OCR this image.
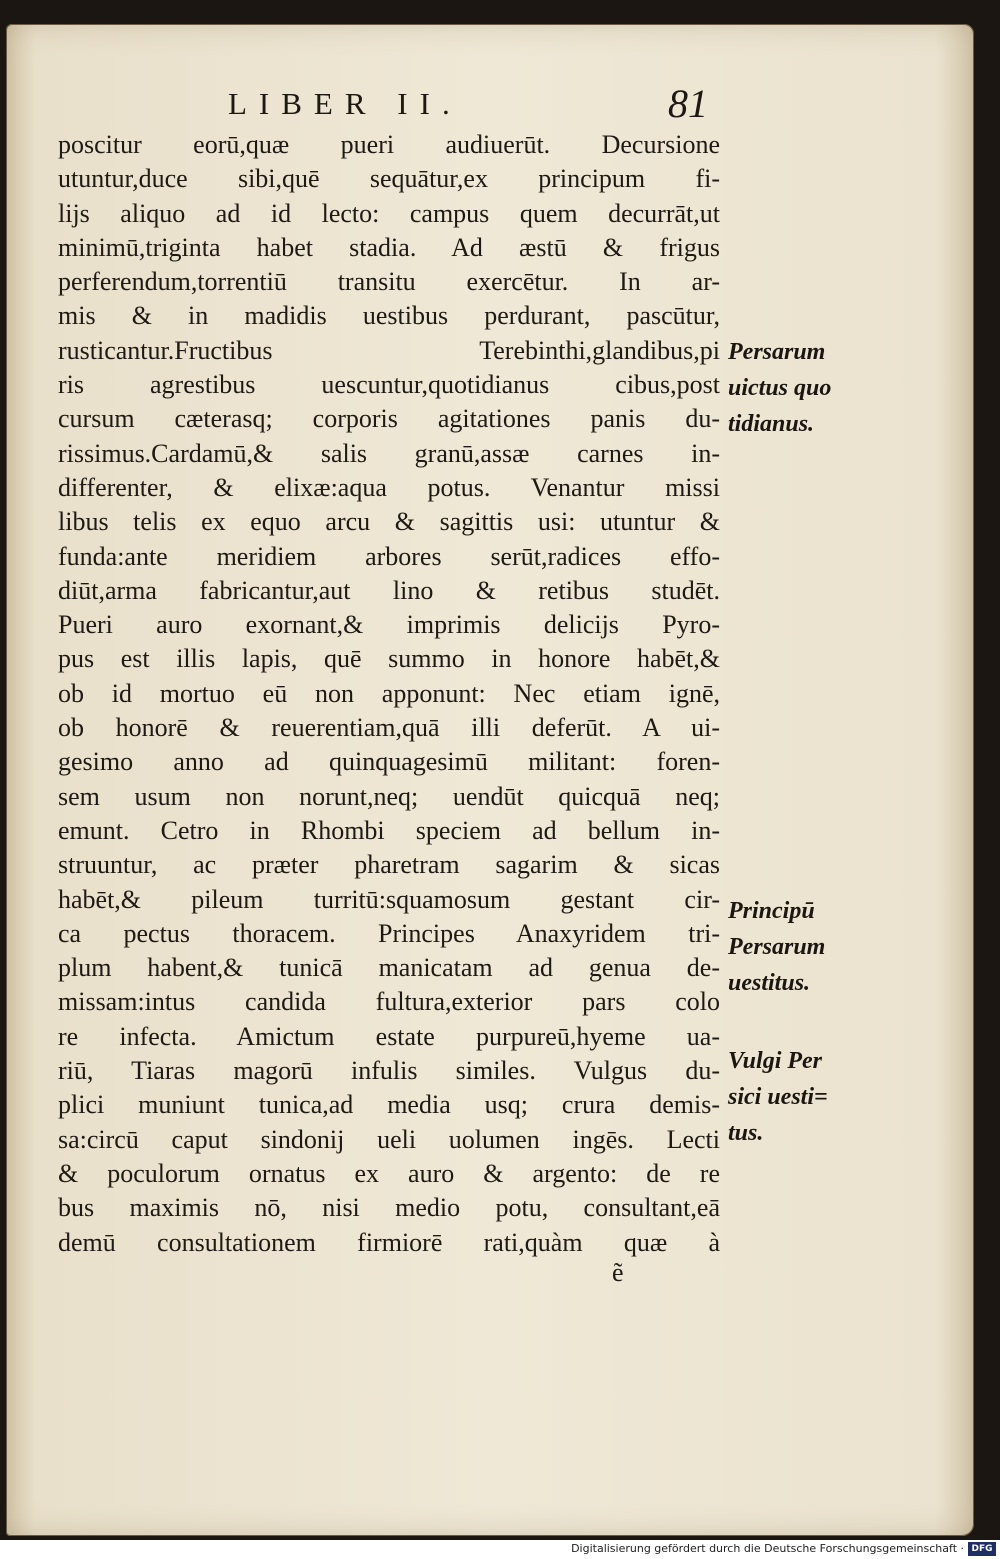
LIBER II.	81
poscitur eorū,quæ pueri audiuerūt. Decursione
utuntur,duce sibi,quē sequātur,ex principum fi-
lijs aliquo ad id lecto: campus quem decurrāt,ut
minimū,triginta habet stadia. Ad æstū & frigus
perferendum,torrentiū transitu exercētur. In ar-
mis & in madidis uestibus perdurant, pascūtur,
rusticantur.Fructibus Terebinthi,glandibus,pi
ris agrestibus uescuntur,quotidianus cibus,post
cursum cæterasq; corporis agitationes panis du-
rissimus.Cardamū,& salis granū,assæ carnes in-
differenter, & elixæ:aqua potus. Venantur missi
libus telis ex equo arcu & sagittis usi: utuntur &
funda:ante meridiem arbores serūt,radices effo-
diūt,arma fabricantur,aut lino & retibus studēt.
Pueri auro exornant,& imprimis delicijs Pyro-
pus est illis lapis, quē summo in honore habēt,&
ob id mortuo eū non apponunt: Nec etiam ignē,
ob honorē & reuerentiam,quā illi deferūt. A ui-
gesimo anno ad quinquagesimū militant: foren-
sem usum non norunt,neq; uendūt quicquā neq;
emunt. Cetro in Rhombi speciem ad bellum in-
struuntur, ac præter pharetram sagarim & sicas
habēt,& pileum turritū:squamosum gestant cir-
ca pectus thoracem. Principes Anaxyridem tri-
plum habent,& tunicā manicatam ad genua de-
missam:intus candida fultura,exterior pars colo
re infecta. Amictum estate purpureū,hyeme ua-
riū, Tiaras magorū infulis similes. Vulgus du-
plici muniunt tunica,ad media usq; crura demis-
sa:circū caput sindonij ueli uolumen ingēs. Lecti
& poculorum ornatus ex auro & argento: de re
bus maximis nō, nisi medio potu, consultant,eā
demū consultationem firmiorē rati,quàm quæ à
ẽ
Persarum
uictus quo
tidianus.
Principū
Persarum
uestitus.
Vulgi Per
sici uesti=
tus.
Digitalisierung gefördert durch die Deutsche Forschungsgemeinschaft · DFG
